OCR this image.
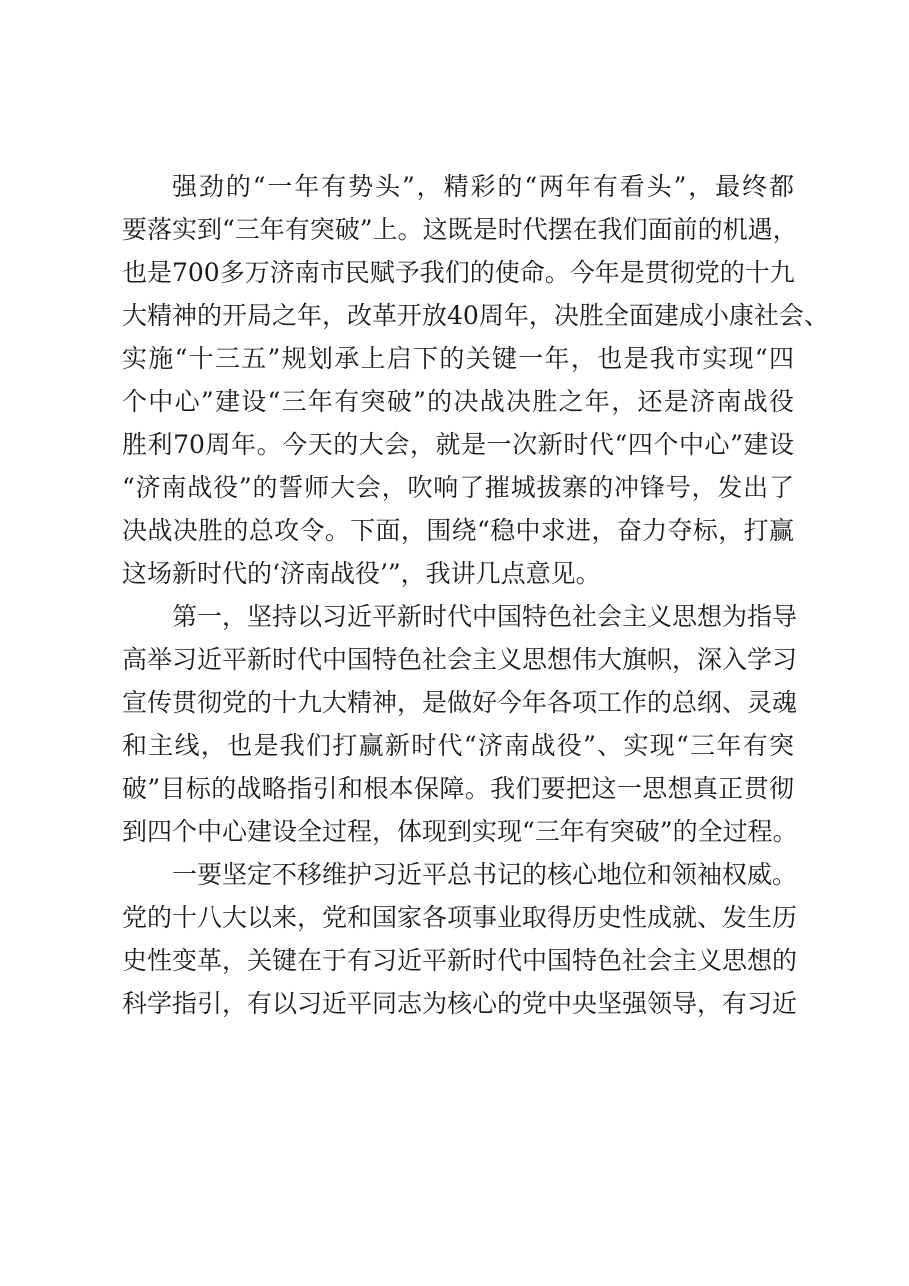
强劲的“一年有势头”，精彩的“两年有看头”，最终都
要落实到“三年有突破”上。这既是时代摆在我们面前的机遇，
也是700多万济南市民赋予我们的使命。今年是贯彻党的十九
大精神的开局之年，改革开放40周年，决胜全面建成小康社会、
实施“十三五”规划承上启下的关键一年，也是我市实现“四
个中心”建设“三年有突破”的决战决胜之年，还是济南战役
胜利70周年。今天的大会，就是一次新时代“四个中心”建设
“济南战役”的誓师大会，吹响了摧城拔寨的冲锋号，发出了
决战决胜的总攻令。下面，围绕“稳中求进，奋力夺标，打赢
这场新时代的‘济南战役’”，我讲几点意见。
第一，坚持以习近平新时代中国特色社会主义思想为指导
高举习近平新时代中国特色社会主义思想伟大旗帜，深入学习
宣传贯彻党的十九大精神，是做好今年各项工作的总纲、灵魂
和主线，也是我们打赢新时代“济南战役”、实现“三年有突
破”目标的战略指引和根本保障。我们要把这一思想真正贯彻
到四个中心建设全过程，体现到实现“三年有突破”的全过程。
一要坚定不移维护习近平总书记的核心地位和领袖权威。
党的十八大以来，党和国家各项事业取得历史性成就、发生历
史性变革，关键在于有习近平新时代中国特色社会主义思想的
科学指引，有以习近平同志为核心的党中央坚强领导，有习近
